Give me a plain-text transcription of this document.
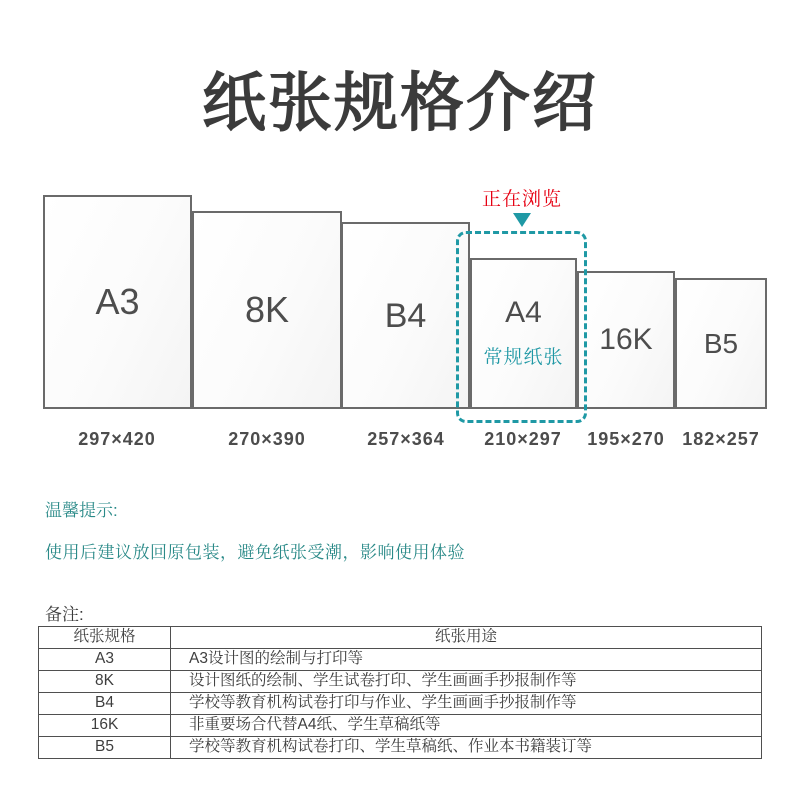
纸张规格介绍
A3	8K	B4	A4
常规纸张
16K B5
正在浏览
297×420	270×390	257×364	210×297	195×270 182×257
温馨提示:
使用后建议放回原包装，避免纸张受潮，影响使用体验
备注:
纸张规格	纸张用途
A3	A3设计图的绘制与打印等
8K	设计图纸的绘制、学生试卷打印、学生画画手抄报制作等
B4	学校等教育机构试卷打印与作业、学生画画手抄报制作等
16K	非重要场合代替A4纸、学生草稿纸等
B5	学校等教育机构试卷打印、学生草稿纸、作业本书籍装订等
